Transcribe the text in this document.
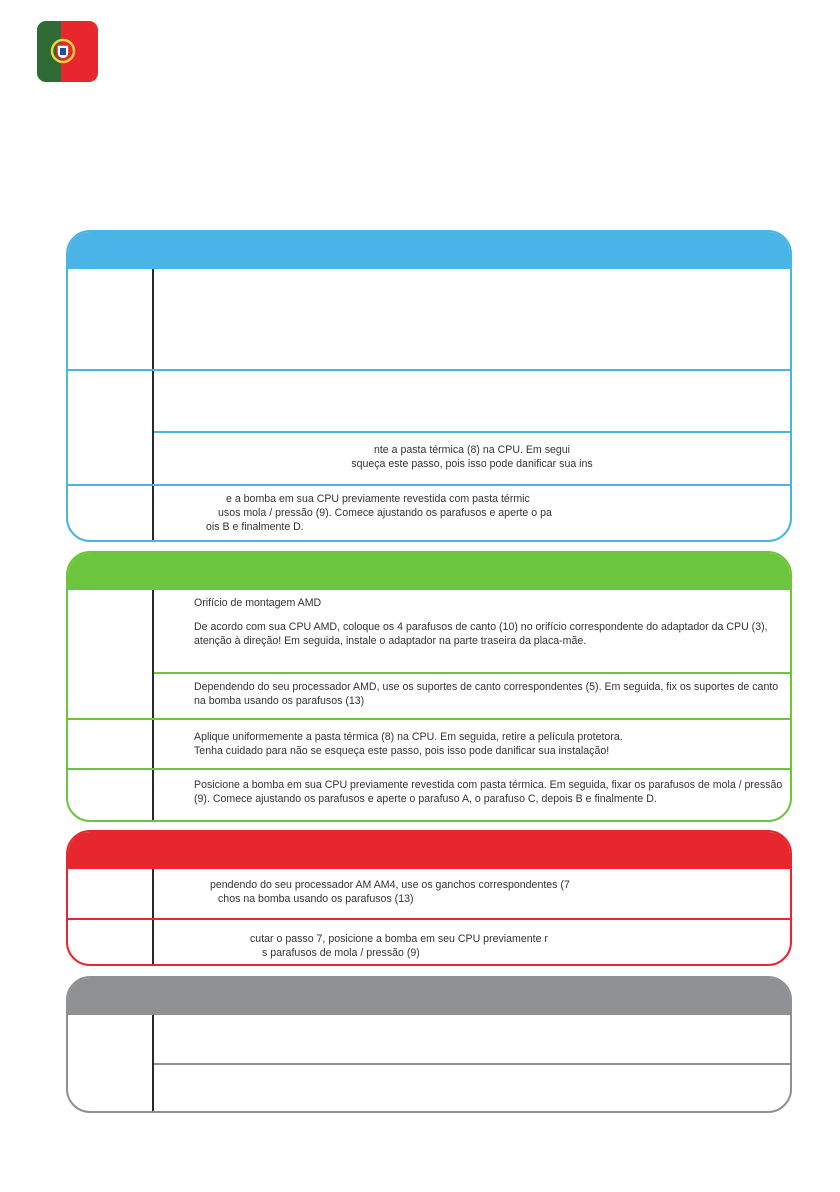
nte a pasta térmica (8) na CPU. Em segui

squeça este passo, pois isso pode danificar sua ins

e a bomba em sua CPU previamente revestida com pasta térmic

usos mola / pressão (9). Comece ajustando os parafusos e aperte o pa

ois B e finalmente D.

Orifício de montagem AMD

De acordo com sua CPU AMD, coloque os 4 parafusos de canto (10) no orifício correspondente do adaptador da CPU (3), atenção à direção! Em seguida, instale o adaptador na parte traseira da placa-mãe.

Dependendo do seu processador AMD, use os suportes de canto correspondentes (5). Em seguida, fix os suportes de canto na bomba usando os parafusos (13)

Aplique uniformemente a pasta térmica (8) na CPU. Em seguida, retire a película protetora.

Tenha cuidado para não se esqueça este passo, pois isso pode danificar sua instalação!

Posicione a bomba em sua CPU previamente revestida com pasta térmica. Em seguida, fixar os parafusos de mola / pressão (9). Comece ajustando os parafusos e aperte o parafuso A, o parafuso C, depois B e finalmente D.

pendendo do seu processador AM AM4, use os ganchos correspondentes (7

chos na bomba usando os parafusos (13)

cutar o passo 7, posicione a bomba em seu CPU previamente r

s parafusos de mola / pressão (9)
